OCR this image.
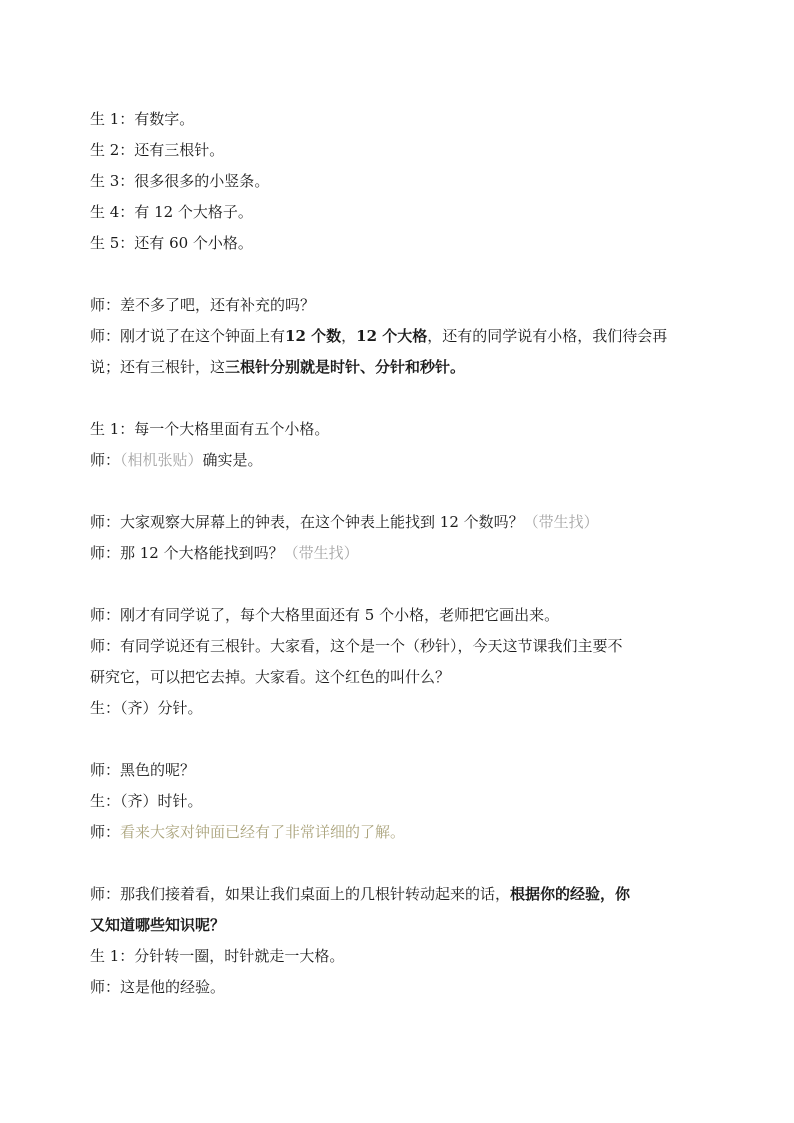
生 1：有数字。
生 2：还有三根针。
生 3：很多很多的小竖条。
生 4：有 12 个大格子。
生 5：还有 60 个小格。
师：差不多了吧，还有补充的吗？
师：刚才说了在这个钟面上有12 个数，12 个大格，还有的同学说有小格，我们待会再
说；还有三根针，这三根针分别就是时针、分针和秒针。
生 1：每一个大格里面有五个小格。
师：（相机张贴）确实是。
师：大家观察大屏幕上的钟表，在这个钟表上能找到 12 个数吗？（带生找）
师：那 12 个大格能找到吗？（带生找）
师：刚才有同学说了，每个大格里面还有 5 个小格，老师把它画出来。
师：有同学说还有三根针。大家看，这个是一个（秒针），今天这节课我们主要不
研究它，可以把它去掉。大家看。这个红色的叫什么？
生：（齐）分针。
师：黑色的呢？
生：（齐）时针。
师：看来大家对钟面已经有了非常详细的了解。
师：那我们接着看，如果让我们桌面上的几根针转动起来的话，根据你的经验，你
又知道哪些知识呢？
生 1：分针转一圈，时针就走一大格。
师：这是他的经验。
